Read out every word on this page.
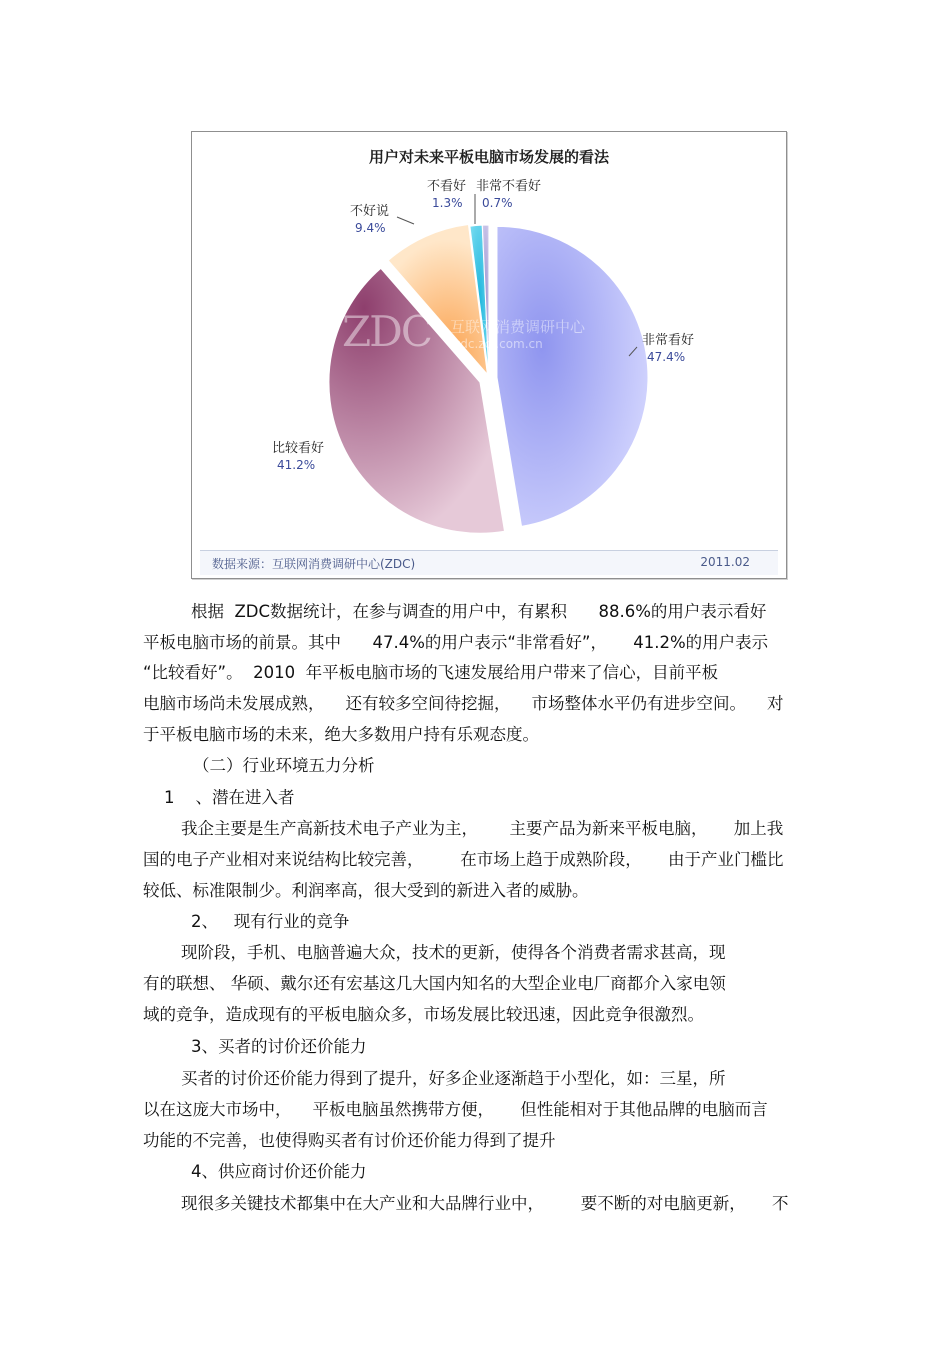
用户对未来平板电脑市场发展的看法
非常看好
47.4%
比较看好
41.2%
不好说
9.4%
不看好
1.3%
非常不看好
0.7%
ZDC 互联网消费调研中心
zdc.zol.com.cn
数据来源：互联网消费调研中心(ZDC)	2011.02
根据  ZDC数据统计，在参与调查的用户中，有累积      88.6%的用户表示看好
平板电脑市场的前景。其中      47.4%的用户表示“非常看好”，     41.2%的用户表示
“比较看好”。  2010  年平板电脑市场的飞速发展给用户带来了信心，目前平板
电脑市场尚未发展成熟，    还有较多空间待挖掘，    市场整体水平仍有进步空间。    对
于平板电脑市场的未来，绝大多数用户持有乐观态度。
（二）行业环境五力分析
1    、潜在进入者
我企主要是生产高新技术电子产业为主，      主要产品为新来平板电脑，     加上我
国的电子产业相对来说结构比较完善，       在市场上趋于成熟阶段，     由于产业门槛比
较低、标准限制少。利润率高，很大受到的新进入者的威胁。
2、   现有行业的竞争
现阶段，手机、电脑普遍大众，技术的更新，使得各个消费者需求甚高，现
有的联想、 华硕、戴尔还有宏基这几大国内知名的大型企业电厂商都介入家电领
域的竞争，造成现有的平板电脑众多，市场发展比较迅速，因此竞争很激烈。
3、买者的讨价还价能力
买者的讨价还价能力得到了提升，好多企业逐渐趋于小型化，如：三星，所
以在这庞大市场中，    平板电脑虽然携带方便，     但性能相对于其他品牌的电脑而言
功能的不完善，也使得购买者有讨价还价能力得到了提升
4、供应商讨价还价能力
现很多关键技术都集中在大产业和大品牌行业中，       要不断的对电脑更新，     不
